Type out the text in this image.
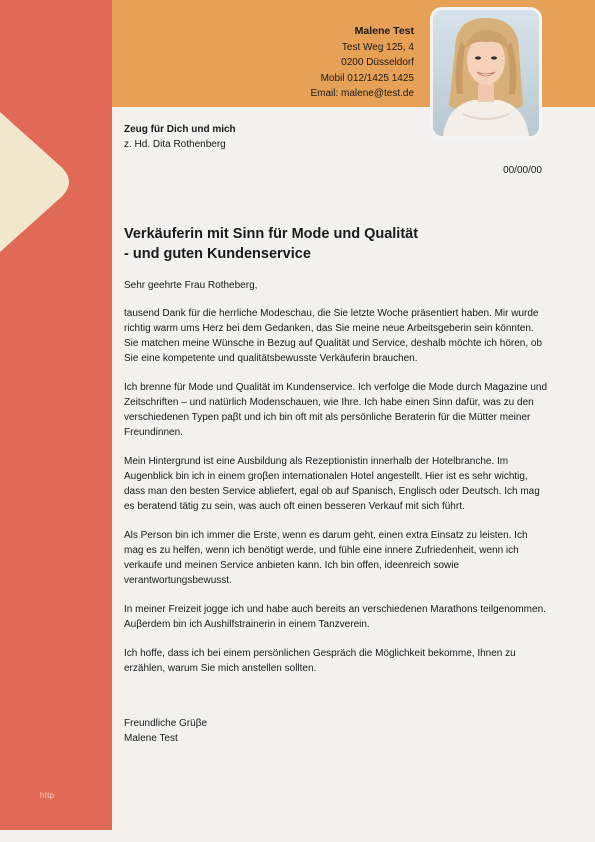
http
Malene Test
Test Weg 125, 4
0200 Düsseldorf
Mobil 012/1425 1425
Email: malene@test.de
Zeug für Dich und mich
z. Hd. Dita Rothenberg
00/00/00
Verkäuferin mit Sinn für Mode und Qualität
- und guten Kundenservice

Sehr geehrte Frau Rotheberg,

tausend Dank für die herrliche Modeschau, die Sie letzte Woche präsentiert haben. Mir wurde richtig warm ums Herz bei dem Gedanken, das Sie meine neue Arbeitsgeberin sein könnten. Sie matchen meine Wünsche in Bezug auf Qualität und Service, deshalb möchte ich hören, ob Sie eine kompetente und qualitätsbewusste Verkäuferin brauchen.

Ich brenne für Mode und Qualität im Kundenservice. Ich verfolge die Mode durch Magazine und Zeitschriften – und natürlich Modenschauen, wie Ihre. Ich habe einen Sinn dafür, was zu den verschiedenen Typen paβt und ich bin oft mit als persönliche Beraterin für die Mütter meiner Freundinnen.

Mein Hintergrund ist eine Ausbildung als Rezeptionistin innerhalb der Hotelbranche. Im Augenblick bin ich in einem groβen internationalen Hotel angestellt. Hier ist es sehr wichtig, dass man den besten Service abliefert, egal ob auf Spanisch, Englisch oder Deutsch. Ich mag es beratend tätig zu sein, was auch oft einen besseren Verkauf mit sich führt.

Als Person bin ich immer die Erste, wenn es darum geht, einen extra Einsatz zu leisten. Ich mag es zu helfen, wenn ich benötigt werde, und fühle eine innere Zufriedenheit, wenn ich verkaufe und meinen Service anbieten kann. Ich bin offen, ideenreich sowie verantwortungsbewusst.

In meiner Freizeit jogge ich und habe auch bereits an verschiedenen Marathons teilgenommen. Auβerdem bin ich Aushilfstrainerin in einem Tanzverein.

Ich hoffe, dass ich bei einem persönlichen Gespräch die Möglichkeit bekomme, Ihnen zu erzählen, warum Sie mich anstellen sollten.

Freundliche Grüβe
Malene Test
